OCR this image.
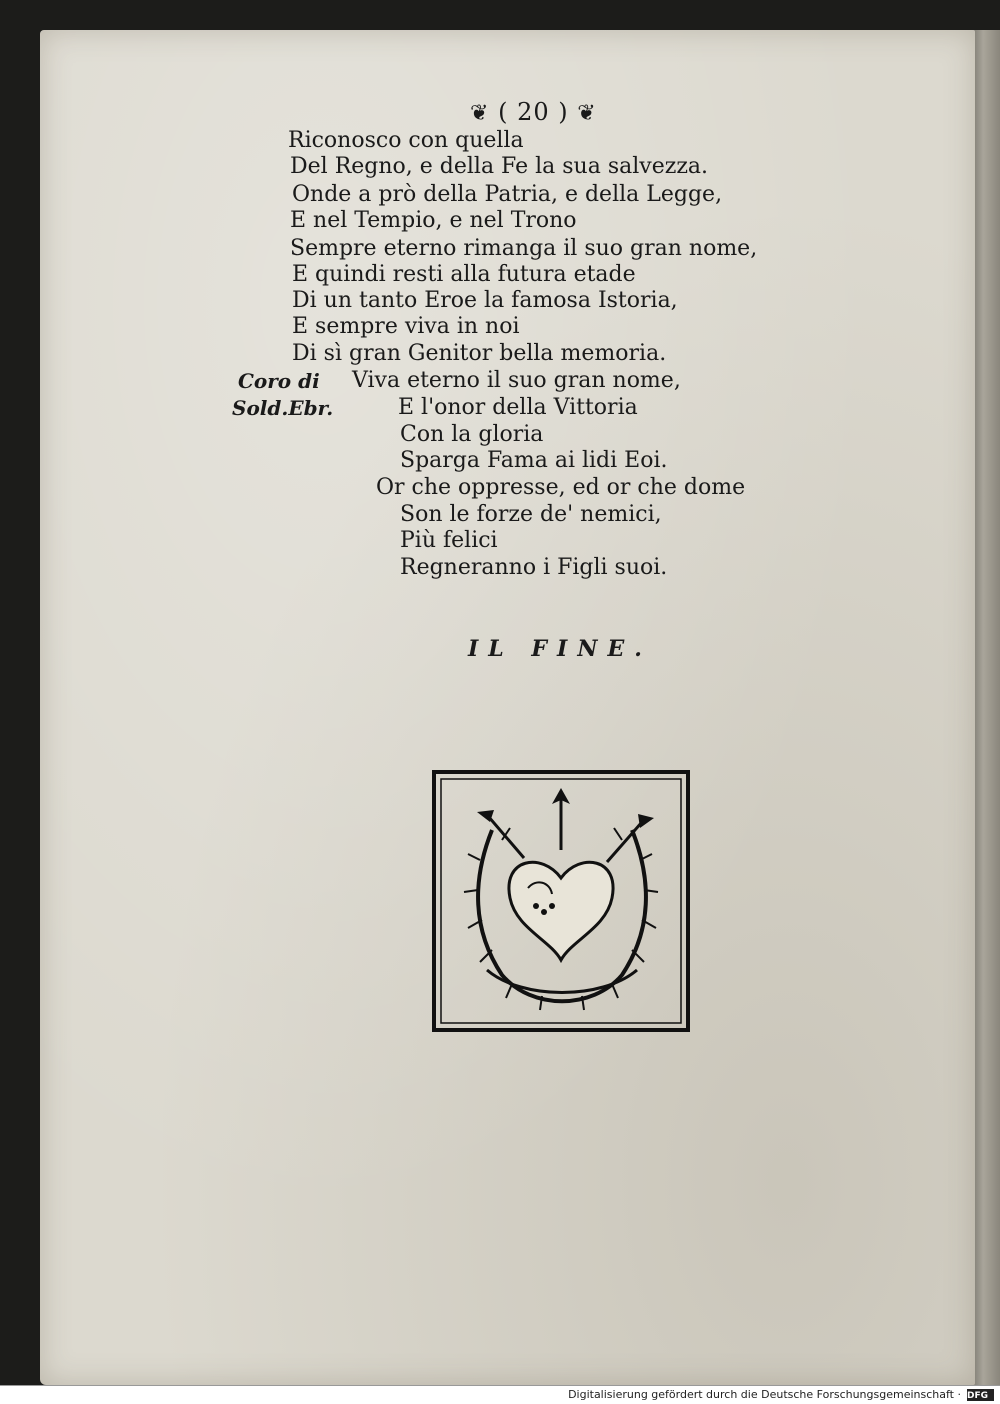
❦ ( 20 ) ❦
Riconosco con quella
Del Regno, e della Fe la sua salvezza.
Onde a prò della Patria, e della Legge,
E nel Tempio, e nel Trono
Sempre eterno rimanga il suo gran nome,
E quindi resti alla futura etade
Di un tanto Eroe la famosa Istoria,
E sempre viva in noi
Di sì gran Genitor bella memoria.
Coro di
Sold.Ebr.
Viva eterno il suo gran nome,
E l'onor della Vittoria
Con la gloria
Sparga Fama ai lidi Eoi.
Or che oppresse, ed or che dome
Son le forze de' nemici,
Più felici
Regneranno i Figli suoi.
IL FINE.
Digitalisierung gefördert durch die Deutsche Forschungsgemeinschaft · DFG
